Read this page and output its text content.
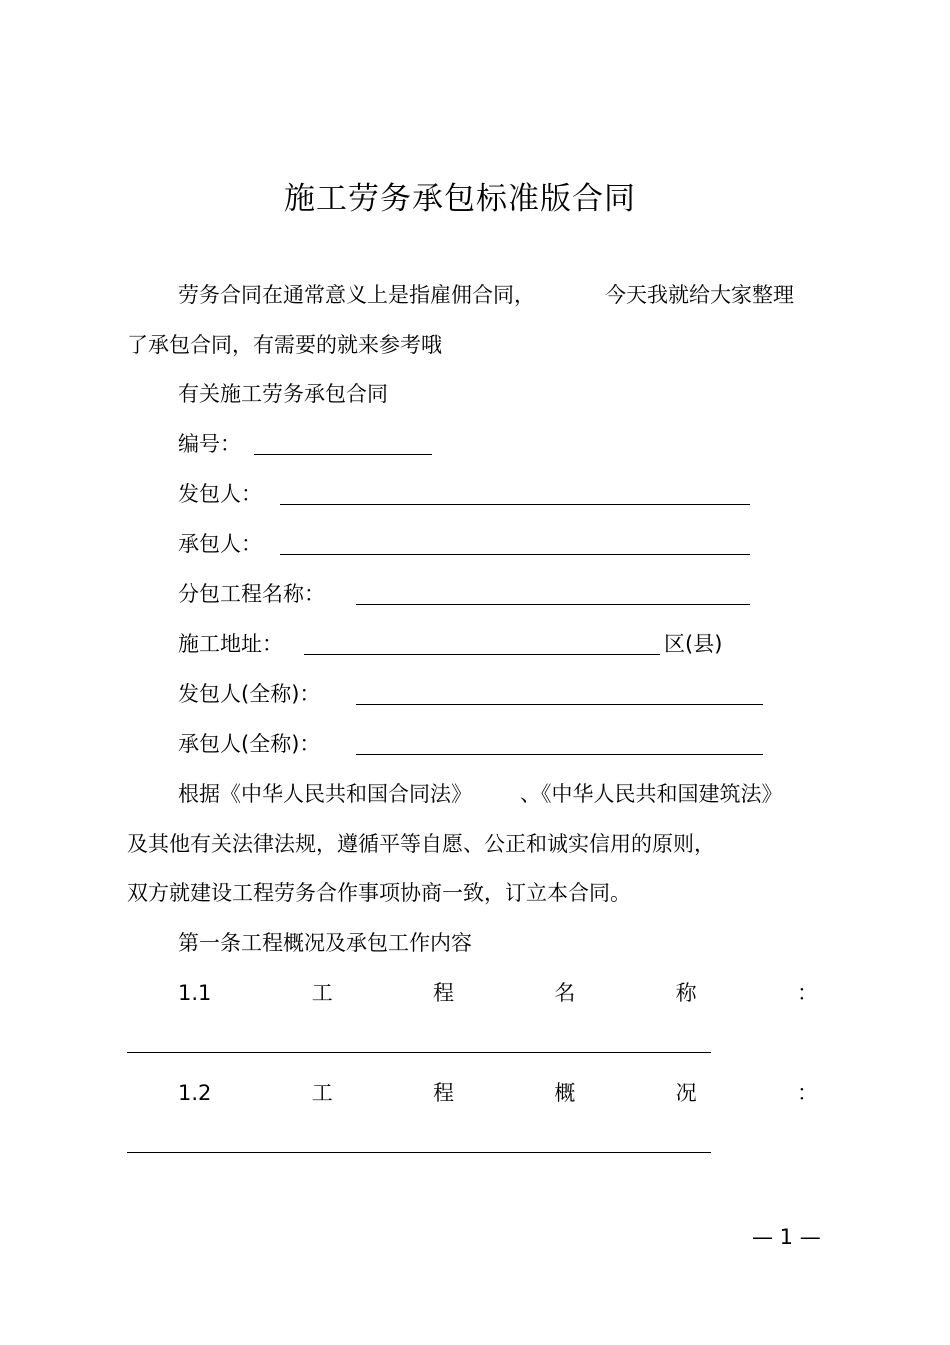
施工劳务承包标准版合同
劳务合同在通常意义上是指雇佣合同，	今天我就给大家整理
了承包合同，有需要的就来参考哦
有关施工劳务承包合同
编号：
发包人：
承包人：
分包工程名称：
施工地址：	区(县)
发包人(全称)：
承包人(全称)：
根据《中华人民共和国合同法》 、《中华人民共和国建筑法》
及其他有关法律法规，遵循平等自愿、公正和诚实信用的原则，
双方就建设工程劳务合作事项协商一致，订立本合同。
第一条工程概况及承包工作内容
1.1	工	程	名	称	：
1.2	工	程	概	况	：
— 1 —
